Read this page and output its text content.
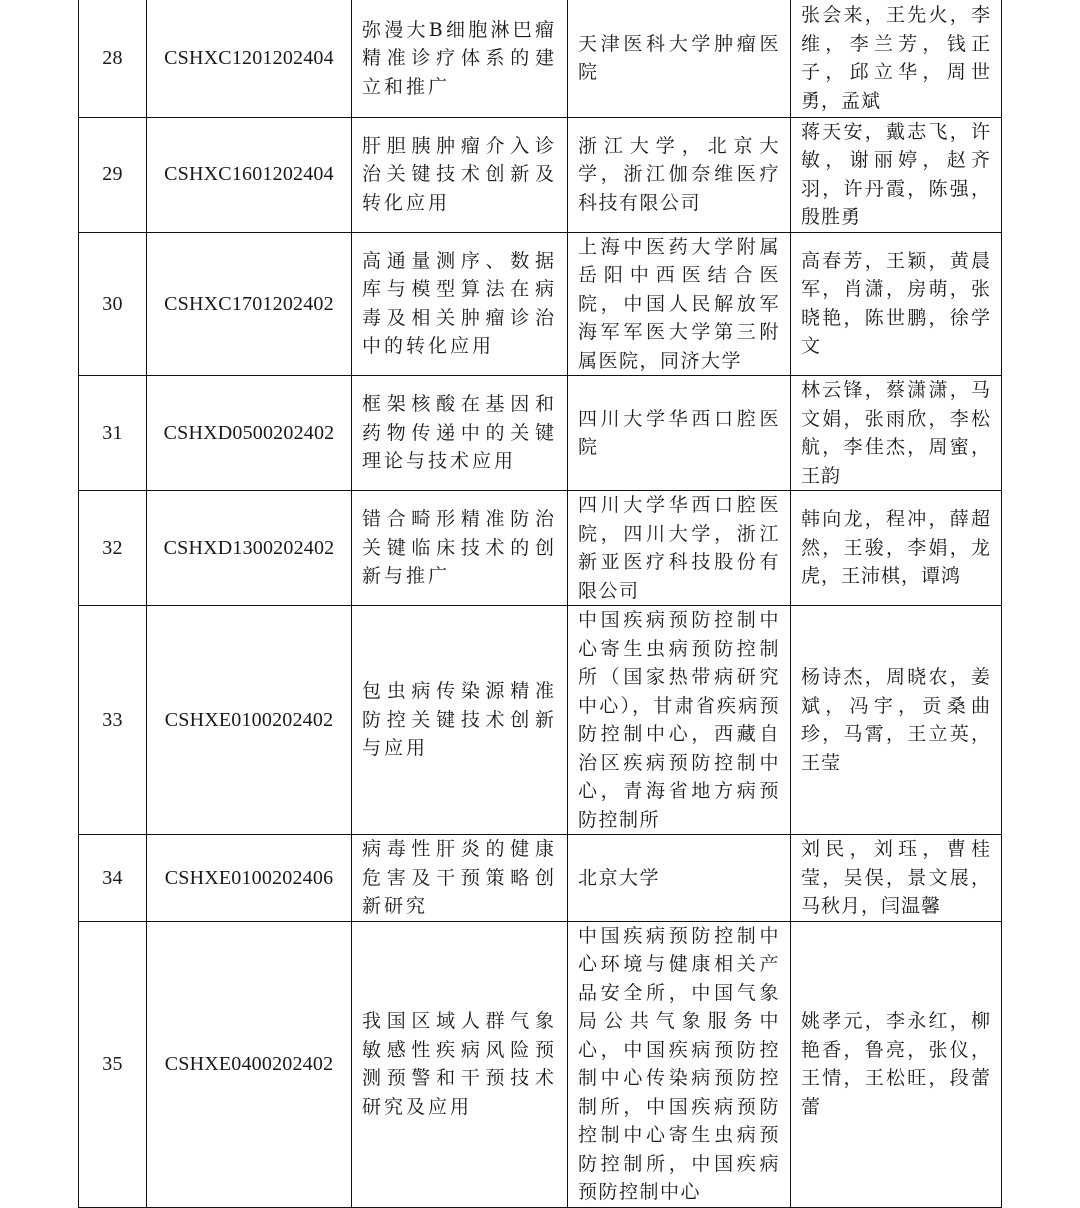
28	CSHXC1201202404	弥漫大B细胞淋巴瘤精准诊疗体系的建立和推广	天津医科大学肿瘤医院	张会来，王先火，李维，李兰芳，钱正子，邱立华，周世勇，孟斌
29	CSHXC1601202404	肝胆胰肿瘤介入诊治关键技术创新及转化应用	浙江大学，北京大学，浙江伽奈维医疗科技有限公司	蒋天安，戴志飞，许敏，谢丽婷，赵齐羽，许丹霞，陈强，殷胜勇
30	CSHXC1701202402	高通量测序、数据库与模型算法在病毒及相关肿瘤诊治中的转化应用	上海中医药大学附属岳阳中西医结合医院，中国人民解放军海军军医大学第三附属医院，同济大学	高春芳，王颖，黄晨军，肖潇，房萌，张晓艳，陈世鹏，徐学文
31	CSHXD0500202402	框架核酸在基因和药物传递中的关键理论与技术应用	四川大学华西口腔医院	林云锋，蔡潇潇，马文娟，张雨欣，李松航，李佳杰，周蜜，王韵
32	CSHXD1300202402	错合畸形精准防治关键临床技术的创新与推广	四川大学华西口腔医院，四川大学，浙江新亚医疗科技股份有限公司	韩向龙，程冲，薛超然，王骏，李娟，龙虎，王沛棋，谭鸿
33	CSHXE0100202402	包虫病传染源精准防控关键技术创新与应用	中国疾病预防控制中心寄生虫病预防控制所（国家热带病研究中心），甘肃省疾病预防控制中心，西藏自治区疾病预防控制中心，青海省地方病预防控制所	杨诗杰，周晓农，姜斌，冯宇，贡桑曲珍，马霄，王立英，王莹
34	CSHXE0100202406	病毒性肝炎的健康危害及干预策略创新研究	北京大学	刘民，刘珏，曹桂莹，吴俣，景文展，马秋月，闫温馨
35	CSHXE0400202402	我国区域人群气象敏感性疾病风险预测预警和干预技术研究及应用	中国疾病预防控制中心环境与健康相关产品安全所，中国气象局公共气象服务中心，中国疾病预防控制中心传染病预防控制所，中国疾病预防控制中心寄生虫病预防控制所，中国疾病预防控制中心	姚孝元，李永红，柳艳香，鲁亮，张仪，王情，王松旺，段蕾蕾
